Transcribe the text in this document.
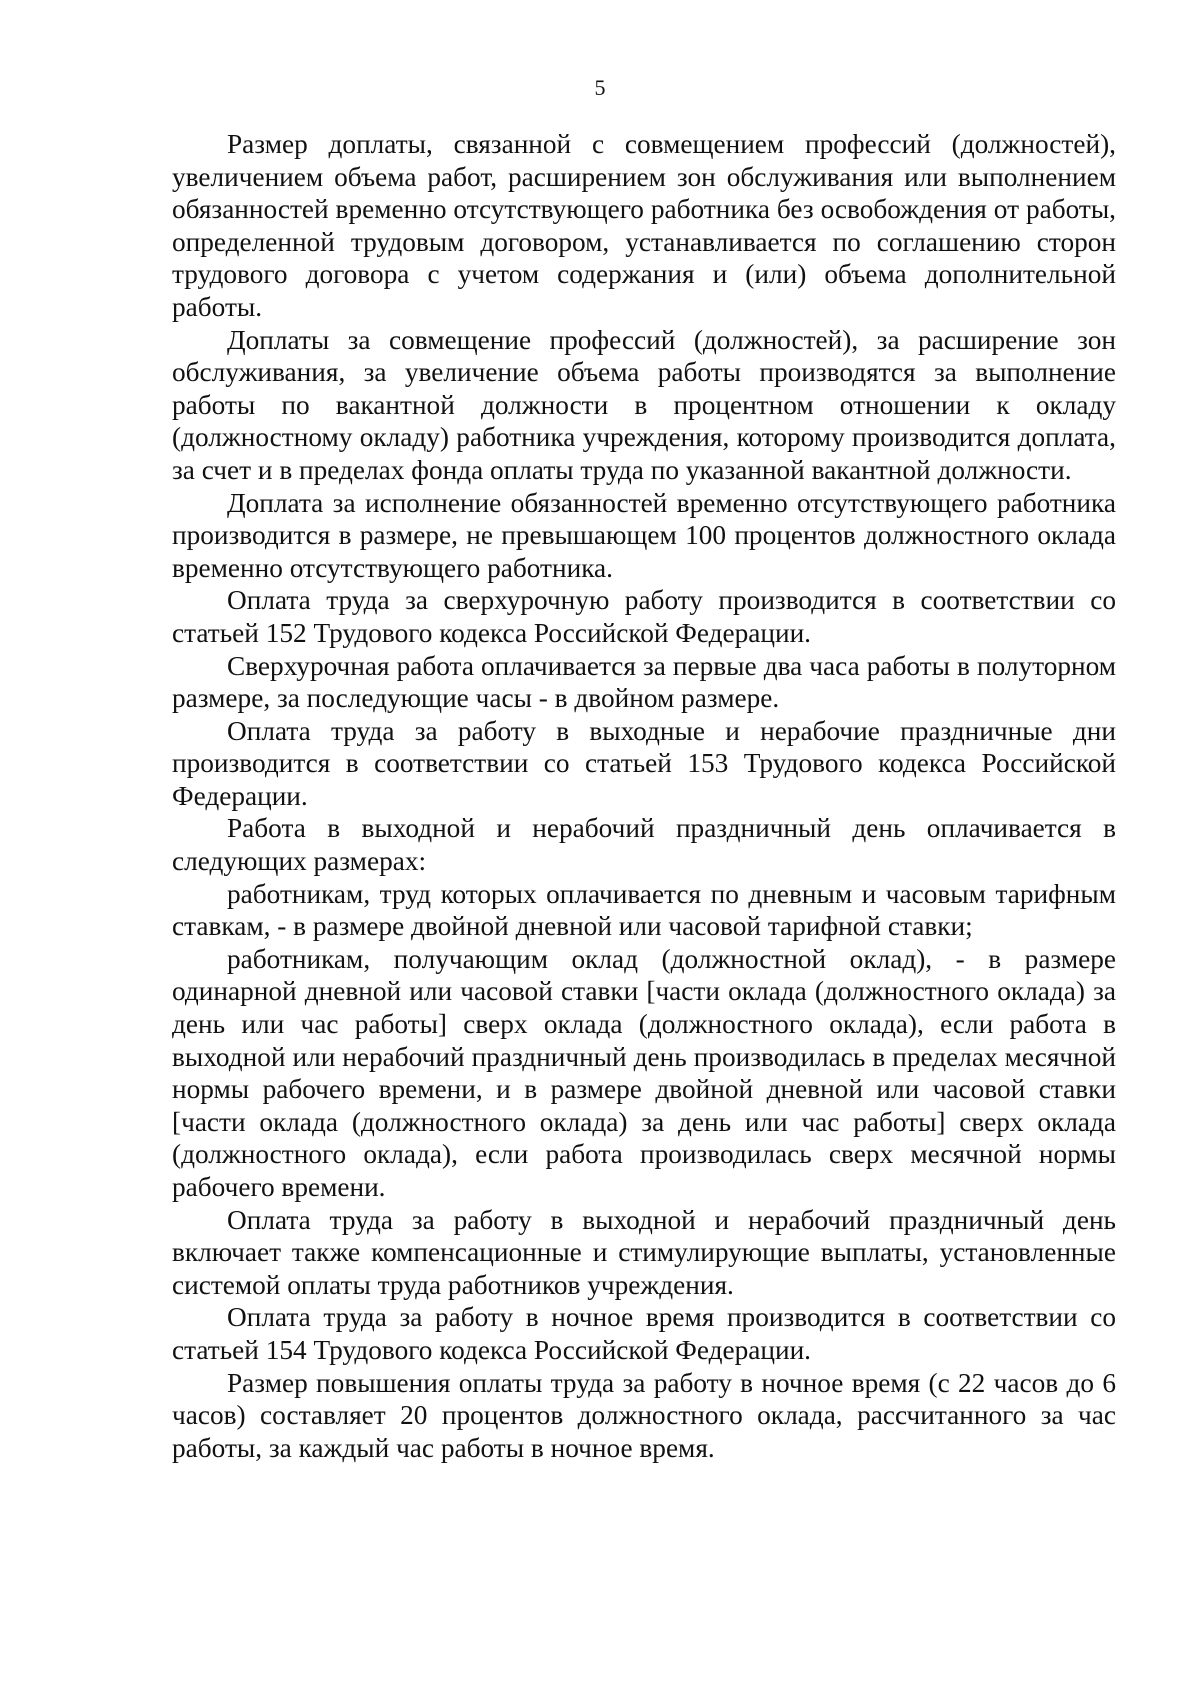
5

Размер доплаты, связанной с совмещением профессий (должностей), увеличением объема работ, расширением зон обслуживания или выполнением обязанностей временно отсутствующего работника без освобождения от работы, определенной трудовым договором, устанавливается по соглашению сторон трудового договора с учетом содержания и (или) объема дополнительной работы.

Доплаты за совмещение профессий (должностей), за расширение зон обслуживания, за увеличение объема работы производятся за выполнение работы по вакантной должности в процентном отношении к окладу (должностному окладу) работника учреждения, которому производится доплата, за счет и в пределах фонда оплаты труда по указанной вакантной должности.

Доплата за исполнение обязанностей временно отсутствующего работника производится в размере, не превышающем 100 процентов должностного оклада временно отсутствующего работника.

Оплата труда за сверхурочную работу производится в соответствии со статьей 152 Трудового кодекса Российской Федерации.

Сверхурочная работа оплачивается за первые два часа работы в полуторном размере, за последующие часы - в двойном размере.

Оплата труда за работу в выходные и нерабочие праздничные дни производится в соответствии со статьей 153 Трудового кодекса Российской Федерации.

Работа в выходной и нерабочий праздничный день оплачивается в следующих размерах:

работникам, труд которых оплачивается по дневным и часовым тарифным ставкам, - в размере двойной дневной или часовой тарифной ставки;

работникам, получающим оклад (должностной оклад), - в размере одинарной дневной или часовой ставки [части оклада (должностного оклада) за день или час работы] сверх оклада (должностного оклада), если работа в выходной или нерабочий праздничный день производилась в пределах месячной нормы рабочего времени, и в размере двойной дневной или часовой ставки [части оклада (должностного оклада) за день или час работы] сверх оклада (должностного оклада), если работа производилась сверх месячной нормы рабочего времени.

Оплата труда за работу в выходной и нерабочий праздничный день включает также компенсационные и стимулирующие выплаты, установленные системой оплаты труда работников учреждения.

Оплата труда за работу в ночное время производится в соответствии со статьей 154 Трудового кодекса Российской Федерации.

Размер повышения оплаты труда за работу в ночное время (с 22 часов до 6 часов) составляет 20 процентов должностного оклада, рассчитанного за час работы, за каждый час работы в ночное время.
